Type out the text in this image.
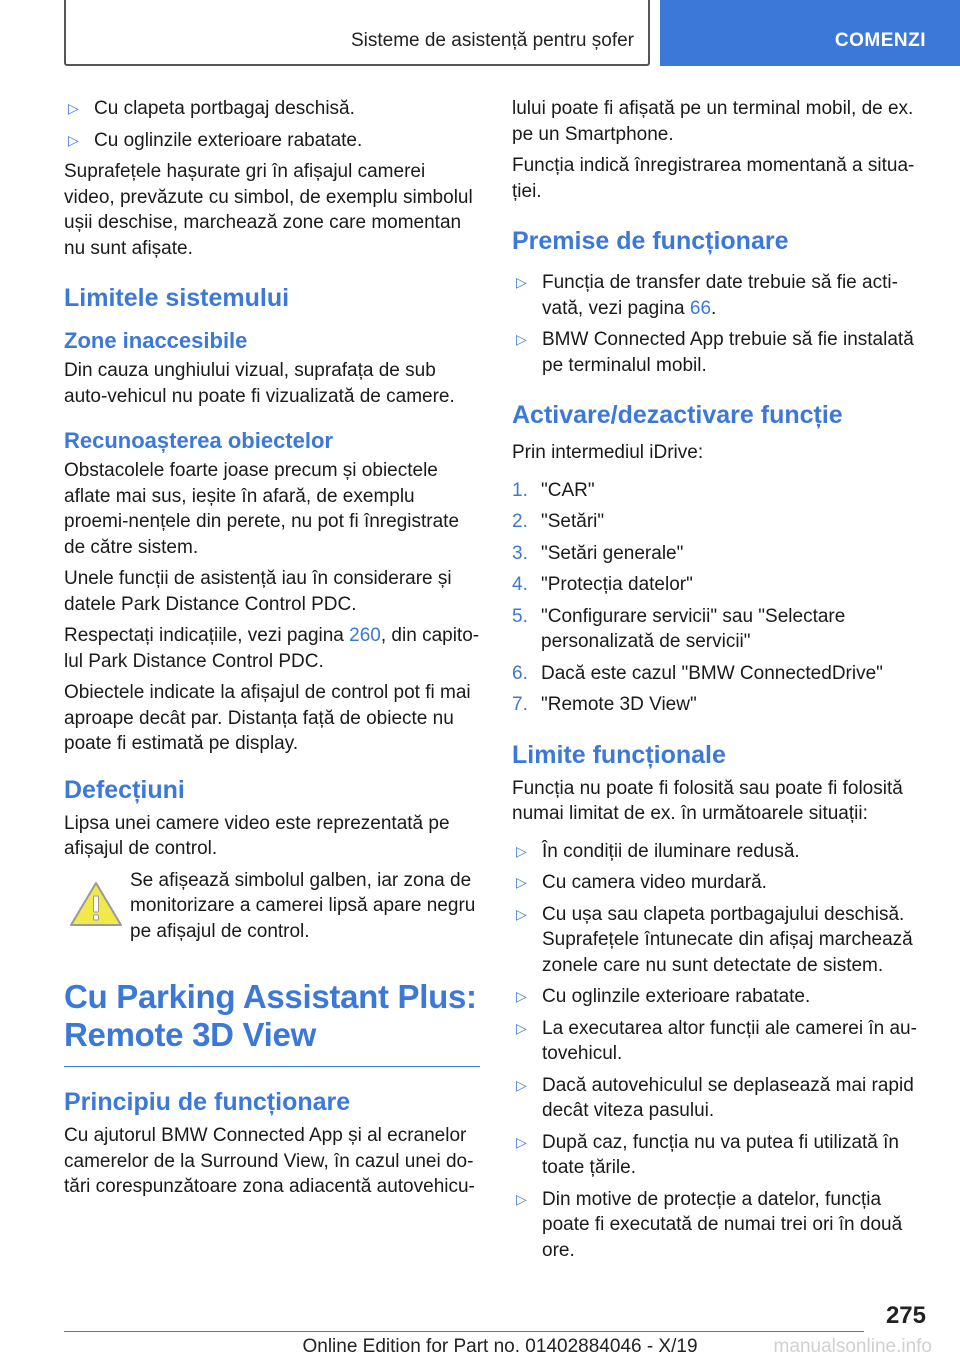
Sisteme de asistență pentru șofer	COMENZI
▷ Cu clapeta portbagaj deschisă.
▷ Cu oglinzile exterioare rabatate.

Suprafețele hașurate gri în afișajul camerei video, prevăzute cu simbol, de exemplu simbolul ușii deschise, marchează zone care momentan nu sunt afișate.

Limitele sistemului
Zone inaccesibile

Din cauza unghiului vizual, suprafața de sub auto-vehicul nu poate fi vizualizată de camere.

Recunoașterea obiectelor

Obstacolele foarte joase precum și obiectele aflate mai sus, ieșite în afară, de exemplu proemi-nențele din perete, nu pot fi înregistrate de către sistem.

Unele funcții de asistență iau în considerare și datele Park Distance Control PDC.

Respectați indicațiile, vezi pagina 260, din capito-lul Park Distance Control PDC.

Obiectele indicate la afișajul de control pot fi mai aproape decât par. Distanța față de obiecte nu poate fi estimată pe display.

Defecțiuni

Lipsa unei camere video este reprezentată pe afișajul de control.

Se afișează simbolul galben, iar zona de monitorizare a camerei lipsă apare negru pe afișajul de control.
Cu Parking Assistant Plus: Remote 3D View
Principiu de funcționare

Cu ajutorul BMW Connected App și al ecranelor camerelor de la Surround View, în cazul unei do-tări corespunzătoare zona adiacentă autovehicu-

lului poate fi afișată pe un terminal mobil, de ex. pe un Smartphone.

Funcția indică înregistrarea momentană a situa-ției.

Premise de funcționare
▷ Funcția de transfer date trebuie să fie acti-vată, vezi pagina 66.
▷ BMW Connected App trebuie să fie instalată pe terminalul mobil.
Activare/dezactivare funcție

Prin intermediul iDrive:

1. "CAR"
2. "Setări"
3. "Setări generale"
4. "Protecția datelor"
5. "Configurare servicii" sau "Selectare personalizată de servicii"
6. Dacă este cazul "BMW ConnectedDrive"
7. "Remote 3D View"
Limite funcționale

Funcția nu poate fi folosită sau poate fi folosită numai limitat de ex. în următoarele situații:

▷ În condiții de iluminare redusă.
▷ Cu camera video murdară.
▷ Cu ușa sau clapeta portbagajului deschisă. Suprafețele întunecate din afișaj marchează zonele care nu sunt detectate de sistem.
▷ Cu oglinzile exterioare rabatate.
▷ La executarea altor funcții ale camerei în au-tovehicul.
▷ Dacă autovehiculul se deplasează mai rapid decât viteza pasului.
▷ După caz, funcția nu va putea fi utilizată în toate țările.
▷ Din motive de protecție a datelor, funcția poate fi executată de numai trei ori în două ore.
275
Online Edition for Part no. 01402884046 - X/19	manualsonline.info
